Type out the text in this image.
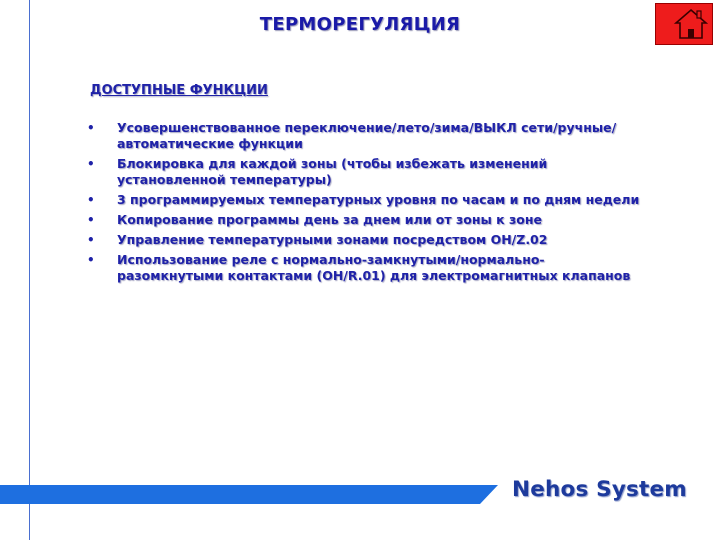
ТЕРМОРЕГУЛЯЦИЯ
ДОСТУПНЫЕ ФУНКЦИИ
• Усовершенствованное переключение/лето/зима/ВЫКЛ сети/ручные/автоматические функции
• Блокировка для каждой зоны (чтобы избежать изменений установленной температуры)
• 3 программируемых температурных уровня по часам и по дням недели
• Копирование программы день за днем или от зоны к зоне
• Управление температурными зонами посредством OH/Z.02
• Использование реле с нормально-замкнутыми/нормально-разомкнутыми контактами (OH/R.01) для электромагнитных клапанов
Nehos System
